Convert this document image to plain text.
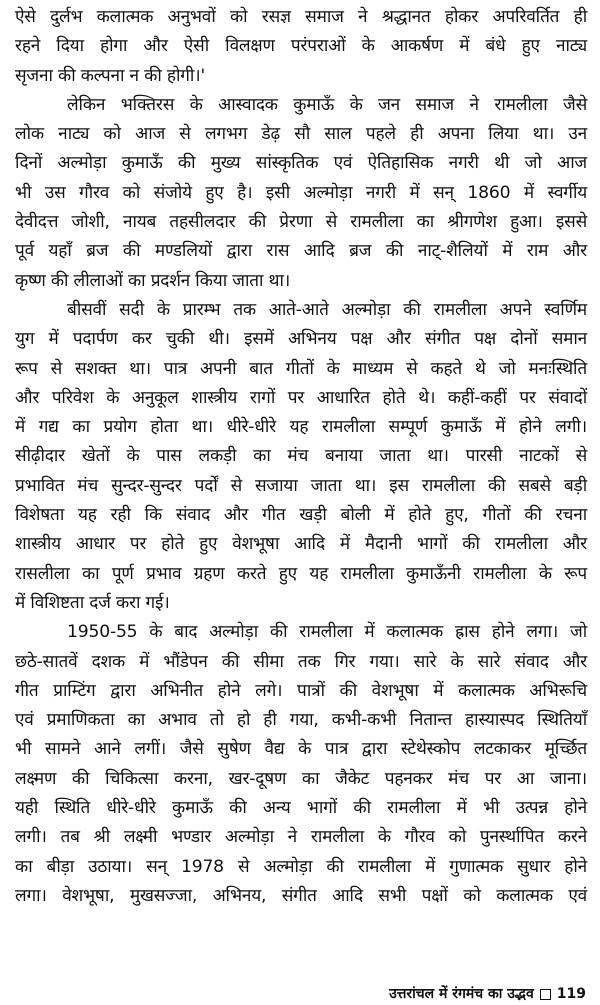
ऐसे दुर्लभ कलात्मक अनुभवों को रसज्ञ समाज ने श्रद्धानत होकर अपरिवर्तित ही
रहने दिया होगा और ऐसी विलक्षण परंपराओं के आकर्षण में बंधे हुए नाट्य
सृजना की कल्पना न की होगी।'
लेकिन भक्तिरस के आस्वादक कुमाऊँ के जन समाज ने रामलीला जैसे
लोक नाट्य को आज से लगभग डेढ़ सौ साल पहले ही अपना लिया था। उन
दिनों अल्मोड़ा कुमाऊँ की मुख्य सांस्कृतिक एवं ऐतिहासिक नगरी थी जो आज
भी उस गौरव को संजोये हुए है। इसी अल्मोड़ा नगरी में सन् 1860 में स्वर्गीय
देवीदत्त जोशी, नायब तहसीलदार की प्रेरणा से रामलीला का श्रीगणेश हुआ। इससे
पूर्व यहाँ ब्रज की मण्डलियों द्वारा रास आदि ब्रज की नाट्-शैलियों में राम और
कृष्ण की लीलाओं का प्रदर्शन किया जाता था।
बीसवीं सदी के प्रारम्भ तक आते-आते अल्मोड़ा की रामलीला अपने स्वर्णिम
युग में पदार्पण कर चुकी थी। इसमें अभिनय पक्ष और संगीत पक्ष दोनों समान
रूप से सशक्त था। पात्र अपनी बात गीतों के माध्यम से कहते थे जो मनःस्थिति
और परिवेश के अनुकूल शास्त्रीय रागों पर आधारित होते थे। कहीं-कहीं पर संवादों
में गद्य का प्रयोग होता था। धीरे-धीरे यह रामलीला सम्पूर्ण कुमाऊँ में होने लगी।
सीढ़ीदार खेतों के पास लकड़ी का मंच बनाया जाता था। पारसी नाटकों से
प्रभावित मंच सुन्दर-सुन्दर पर्दों से सजाया जाता था। इस रामलीला की सबसे बड़ी
विशेषता यह रही कि संवाद और गीत खड़ी बोली में होते हुए, गीतों की रचना
शास्त्रीय आधार पर होते हुए वेशभूषा आदि में मैदानी भागों की रामलीला और
रासलीला का पूर्ण प्रभाव ग्रहण करते हुए यह रामलीला कुमाऊँनी रामलीला के रूप
में विशिष्टता दर्ज करा गई।
1950-55 के बाद अल्मोड़ा की रामलीला में कलात्मक ह्रास होने लगा। जो
छठे-सातवें दशक में भौंडेपन की सीमा तक गिर गया। सारे के सारे संवाद और
गीत प्राम्टिंग द्वारा अभिनीत होने लगे। पात्रों की वेशभूषा में कलात्मक अभिरूचि
एवं प्रमाणिकता का अभाव तो हो ही गया, कभी-कभी नितान्त हास्यास्पद स्थितियाँ
भी सामने आने लगीं। जैसे सुषेण वैद्य के पात्र द्वारा स्टेथेस्कोप लटकाकर मूर्च्छित
लक्ष्मण की चिकित्सा करना, खर-दूषण का जैकेट पहनकर मंच पर आ जाना।
यही स्थिति धीरे-धीरे कुमाऊँ की अन्य भागों की रामलीला में भी उत्पन्न होने
लगी। तब श्री लक्ष्मी भण्डार अल्मोड़ा ने रामलीला के गौरव को पुनर्स्थापित करने
का बीड़ा उठाया। सन् 1978 से अल्मोड़ा की रामलीला में गुणात्मक सुधार होने
लगा। वेशभूषा, मुखसज्जा, अभिनय, संगीत आदि सभी पक्षों को कलात्मक एवं
उत्तरांचल में रंगमंच का उद्भव 119
